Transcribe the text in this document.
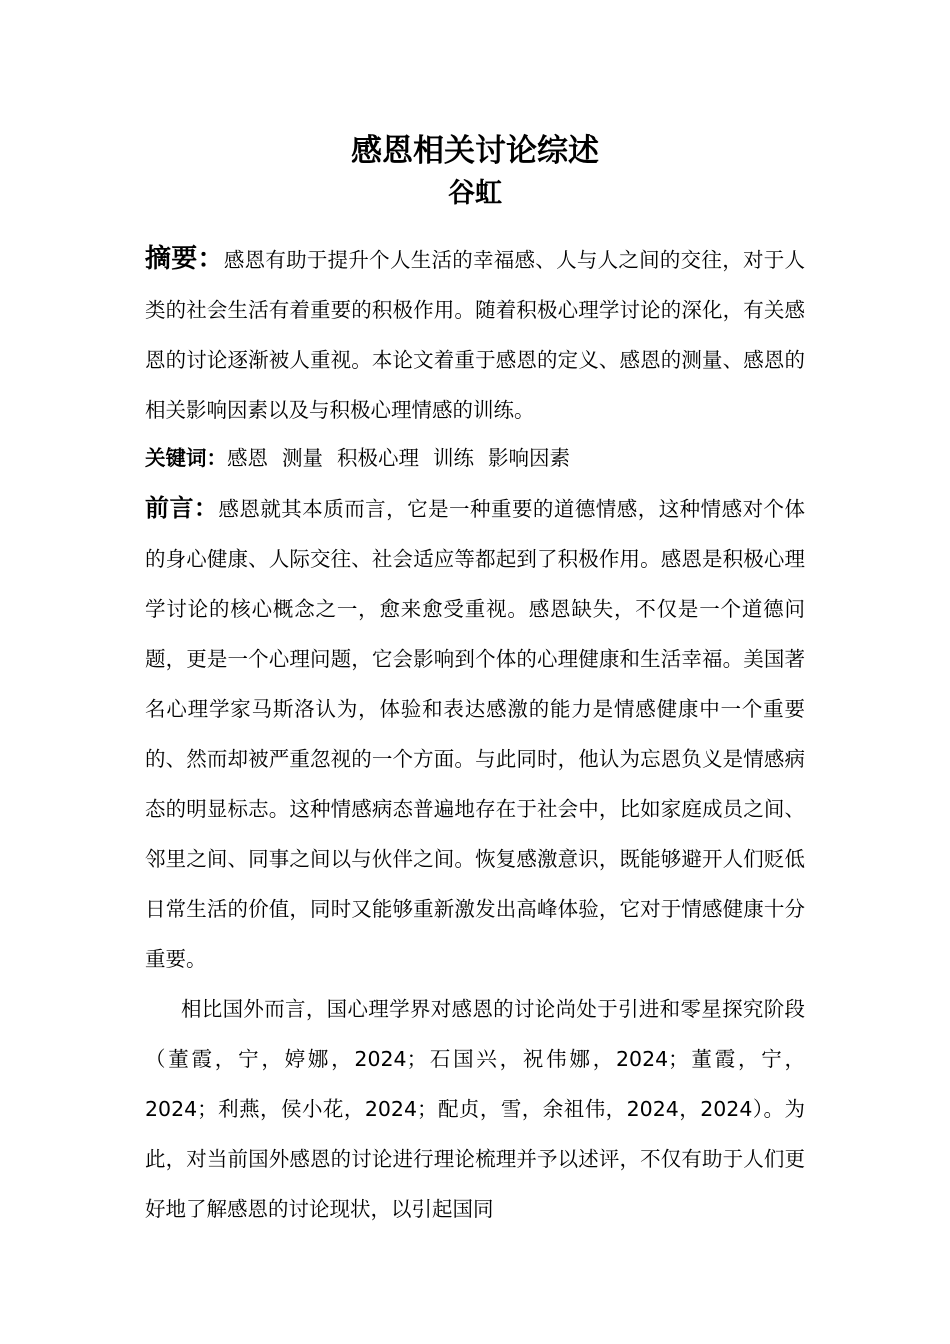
感恩相关讨论综述
谷虹

摘要：感恩有助于提升个人生活的幸福感、人与人之间的交往，对于人类的社会生活有着重要的积极作用。随着积极心理学讨论的深化，有关感恩的讨论逐渐被人重视。本论文着重于感恩的定义、感恩的测量、感恩的相关影响因素以及与积极心理情感的训练。

关键词：感恩 测量 积极心理 训练 影响因素

前言：感恩就其本质而言，它是一种重要的道德情感，这种情感对个体的身心健康、人际交往、社会适应等都起到了积极作用。感恩是积极心理学讨论的核心概念之一，愈来愈受重视。感恩缺失，不仅是一个道德问题，更是一个心理问题，它会影响到个体的心理健康和生活幸福。美国著名心理学家马斯洛认为，体验和表达感激的能力是情感健康中一个重要的、然而却被严重忽视的一个方面。与此同时，他认为忘恩负义是情感病态的明显标志。这种情感病态普遍地存在于社会中，比如家庭成员之间、邻里之间、同事之间以与伙伴之间。恢复感激意识，既能够避开人们贬低日常生活的价值，同时又能够重新激发出高峰体验，它对于情感健康十分重要。

相比国外而言，国心理学界对感恩的讨论尚处于引进和零星探究阶段（董霞，宁，婷娜，2024；石国兴，祝伟娜，2024；董霞，宁，2024；利燕，侯小花，2024；配贞，雪，余祖伟，2024，2024）。为此，对当前国外感恩的讨论进行理论梳理并予以述评，不仅有助于人们更好地了解感恩的讨论现状，以引起国同
